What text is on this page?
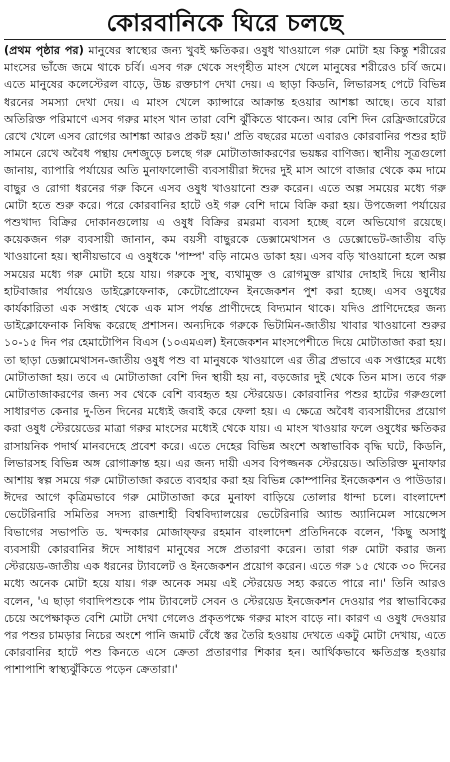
কোরবানিকে ঘিরে চলছে

(প্রথম পৃষ্ঠার পর) মানুষের স্বাস্থ্যের জন্য খুবই ক্ষতিকর। ওষুধ খাওয়ালে গরু মোটা হয় কিন্তু শরীরের মাংসের ভাঁজে জমে থাকে চর্বি। এসব গরু থেকে সংগৃহীত মাংস খেলে মানুষের শরীরেও চর্বি জমে। এতে মানুষের কলেস্টেরল বাড়ে, উচ্চ রক্তচাপ দেখা দেয়। এ ছাড়া কিডনি, লিভারসহ পেটে বিভিন্ন ধরনের সমস্যা দেখা দেয়। এ মাংস খেলে ক্যান্সারে আক্রান্ত হওয়ার আশঙ্কা আছে। তবে যারা অতিরিক্ত পরিমাণে এসব গরুর মাংস খান তারা বেশি ঝুঁকিতে থাকেন। আর বেশি দিন রেফ্রিজারেটরে রেখে খেলে এসব রোগের আশঙ্কা আরও প্রকট হয়।' প্রতি বছরের মতো এবারও কোরবানির পশুর হাট সামনে রেখে অবৈধ পন্থায় দেশজুড়ে চলছে গরু মোটাতাজাকরণের ভয়ঙ্কর বাণিজ্য। স্থানীয় সূত্রগুলো জানায়, ব্যাপারি পর্যায়ের অতি মুনাফালোভী ব্যবসায়ীরা ঈদের দুই মাস আগে বাজার থেকে কম দামে বাছুর ও রোগা ধরনের গরু কিনে এসব ওষুধ খাওয়ানো শুরু করেন। এতে অল্প সময়ের মধ্যে গরু মোটা হতে শুরু করে। পরে কোরবানির হাটে ওই গরু বেশি দামে বিক্রি করা হয়। উপজেলা পর্যায়ের পশুখাদ্য বিক্রির দোকানগুলোয় এ ওষুধ বিক্রির রমরমা ব্যবসা হচ্ছে বলে অভিযোগ রয়েছে। কয়েকজন গরু ব্যবসায়ী জানান, কম বয়সী বাছুরকে ডেক্সামেথাসন ও ডেক্সোভেট-জাতীয় বড়ি খাওয়ানো হয়। স্থানীয়ভাবে এ ওষুধকে 'পাম্প' বড়ি নামেও ডাকা হয়। এসব বড়ি খাওয়ানো হলে অল্প সময়ের মধ্যে গরু মোটা হয়ে যায়। গরুকে সুস্থ, ব্যথামুক্ত ও রোগমুক্ত রাখার দোহাই দিয়ে স্থানীয় হাটবাজার পর্যায়েও ডাইক্লোফেনাক, কেটোপ্রোফেন ইনজেকশন পুশ করা হচ্ছে। এসব ওষুধের কার্যকারিতা এক সপ্তাহ থেকে এক মাস পর্যন্ত প্রাণীদেহে বিদ্যমান থাকে। যদিও প্রাণিদেহের জন্য ডাইক্লোফেনাক নিষিদ্ধ করেছে প্রশাসন। অন্যদিকে গরুকে ভিটামিন-জাতীয় খাবার খাওয়ানো শুরুর ১০-১৫ দিন পর হেমাটোপিন বিএস (১০এমএল) ইনজেকশন মাংসপেশীতে দিয়ে মোটাতাজা করা হয়। তা ছাড়া ডেক্সামেথাসন-জাতীয় ওষুধ পশু বা মানুষকে খাওয়ালে এর তীব্র প্রভাবে এক সপ্তাহের মধ্যে মোটাতাজা হয়। তবে এ মোটাতাজা বেশি দিন স্থায়ী হয় না, বড়জোর দুই থেকে তিন মাস। তবে গরু মোটাতাজাকরণের জন্য সব থেকে বেশি ব্যবহৃত হয় স্টেরয়েড। কোরবানির পশুর হাটের গরুগুলো সাধারণত কেনার দু-তিন দিনের মধ্যেই জবাই করে ফেলা হয়। এ ক্ষেত্রে অবৈধ ব্যবসায়ীদের প্রয়োগ করা ওষুধ স্টেরয়েডের মাত্রা গরুর মাংসের মধ্যেই থেকে যায়। এ মাংস খাওয়ার ফলে ওষুধের ক্ষতিকর রাসায়নিক পদার্থ মানবদেহে প্রবেশ করে। এতে দেহের বিভিন্ন অংশে অস্বাভাবিক বৃদ্ধি ঘটে, কিডনি, লিভারসহ বিভিন্ন অঙ্গ রোগাক্রান্ত হয়। এর জন্য দায়ী এসব বিপজ্জনক স্টেরয়েড। অতিরিক্ত মুনাফার আশায় স্বল্প সময়ে গরু মোটাতাজা করতে ব্যবহার করা হয় বিভিন্ন কোম্পানির ইনজেকশন ও পাউডার। ঈদের আগে কৃত্রিমভাবে গরু মোটাতাজা করে মুনাফা বাড়িয়ে তোলার ধান্দা চলে। বাংলাদেশ ভেটেরিনারি সমিতির সদস্য রাজশাহী বিশ্ববিদ্যালয়ের ভেটেরিনারি অ্যান্ড অ্যানিমেল সায়েন্সেস বিভাগের সভাপতি ড. খন্দকার মোজাফ্ফর রহমান বাংলাদেশ প্রতিদিনকে বলেন, 'কিছু অসাধু ব্যবসায়ী কোরবানির ঈদে সাধারণ মানুষের সঙ্গে প্রতারণা করেন। তারা গরু মোটা করার জন্য স্টেরয়েড-জাতীয় এক ধরনের ট্যাবলেট ও ইনজেকশন প্রয়োগ করেন। এতে গরু ১৫ থেকে ৩০ দিনের মধ্যে অনেক মোটা হয়ে যায়। গরু অনেক সময় এই স্টেরয়েড সহ্য করতে পারে না।' তিনি আরও বলেন, 'এ ছাড়া গবাদিপশুকে পাম ট্যাবলেট সেবন ও স্টেরয়েড ইনজেকশন দেওয়ার পর স্বাভাবিকের চেয়ে অপেক্ষাকৃত বেশি মোটা দেখা গেলেও প্রকৃতপক্ষে গরুর মাংস বাড়ে না। কারণ এ ওষুধ দেওয়ার পর পশুর চামড়ার নিচের অংশে পানি জমাট বেঁধে স্তর তৈরি হওয়ায় দেখতে একটু মোটা দেখায়, এতে কোরবানির হাটে পশু কিনতে এসে ক্রেতা প্রতারণার শিকার হন। আর্থিকভাবে ক্ষতিগ্রস্ত হওয়ার পাশাপাশি স্বাস্থ্যঝুঁকিতে পড়েন ক্রেতারা।'
